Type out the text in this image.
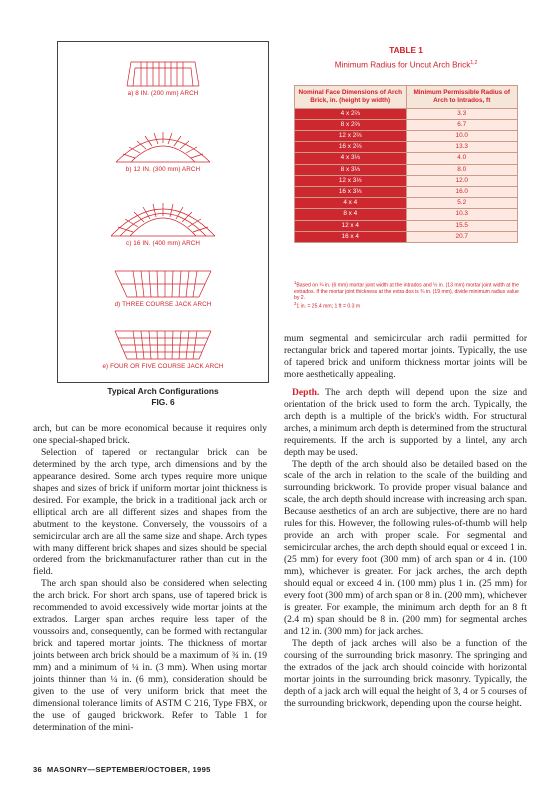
a) 8 IN. (200 mm) ARCH
b) 12 IN. (300 mm) ARCH
c) 16 IN. (400 mm) ARCH
d) THREE COURSE JACK ARCH
e) FOUR OR FIVE COURSE JACK ARCH
Typical Arch Configurations
FIG. 6
TABLE 1
Minimum Radius for Uncut Arch Brick$^{1,2}$
Nominal Face Dimensions of Arch Brick, in. (height by width)	Minimum Permissible Radius of Arch to Intrados, ft
4 x 2⅔	3.3
8 x 2⅔	6.7
12 x 2⅔	10.0
16 x 2⅔	13.3
4 x 3⅓	4.0
8 x 3⅓	8.0
12 x 3⅓	12.0
16 x 3⅓	16.0
4 x 4	5.2
8 x 4	10.3
12 x 4	15.5
16 x 4	20.7

$^1$Based on ¼ in. (6 mm) mortar joint width at the intrados and ½ in. (13 mm) mortar joint width at the extrados. If the mortar joint thickness at the extra dos is ¾ in. (19 mm), divide minimum radius value by 2.

$^2$1 in. = 25.4 mm; 1 ft = 0.3 m

arch, but can be more economical because it requires only one special-shaped brick.

Selection of tapered or rectangular brick can be determined by the arch type, arch dimensions and by the appearance desired. Some arch types require more unique shapes and sizes of brick if uniform mortar joint thickness is desired. For example, the brick in a traditional jack arch or elliptical arch are all different sizes and shapes from the abutment to the keystone. Conversely, the voussoirs of a semicircular arch are all the same size and shape. Arch types with many different brick shapes and sizes should be special ordered from the brickmanufacturer rather than cut in the field.

The arch span should also be considered when selecting the arch brick. For short arch spans, use of tapered brick is recommended to avoid excessively wide mortar joints at the extrados. Larger span arches require less taper of the voussoirs and, consequently, can be formed with rectangular brick and tapered mortar joints. The thickness of mortar joints between arch brick should be a maximum of ¾ in. (19 mm) and a minimum of ¼ in. (3 mm). When using mortar joints thinner than ¼ in. (6 mm), consideration should be given to the use of very uniform brick that meet the dimensional tolerance limits of ASTM C 216, Type FBX, or the use of gauged brickwork. Refer to Table 1 for determination of the mini-

mum segmental and semicircular arch radii permitted for rectangular brick and tapered mortar joints. Typically, the use of tapered brick and uniform thickness mortar joints will be more aesthetically appealing.

Depth. The arch depth will depend upon the size and orientation of the brick used to form the arch. Typically, the arch depth is a multiple of the brick's width. For structural arches, a minimum arch depth is determined from the structural requirements. If the arch is supported by a lintel, any arch depth may be used.

The depth of the arch should also be detailed based on the scale of the arch in relation to the scale of the building and surrounding brickwork. To provide proper visual balance and scale, the arch depth should increase with increasing arch span. Because aesthetics of an arch are subjective, there are no hard rules for this. However, the following rules-of-thumb will help provide an arch with proper scale. For segmental and semicircular arches, the arch depth should equal or exceed 1 in. (25 mm) for every foot (300 mm) of arch span or 4 in. (100 mm), whichever is greater. For jack arches, the arch depth should equal or exceed 4 in. (100 mm) plus 1 in. (25 mm) for every foot (300 mm) of arch span or 8 in. (200 mm), whichever is greater. For example, the minimum arch depth for an 8 ft (2.4 m) span should be 8 in. (200 mm) for segmental arches and 12 in. (300 mm) for jack arches.

The depth of jack arches will also be a function of the coursing of the surrounding brick masonry. The springing and the extrados of the jack arch should coincide with horizontal mortar joints in the surrounding brick masonry. Typically, the depth of a jack arch will equal the height of 3, 4 or 5 courses of the surrounding brickwork, depending upon the course height.

36 MASONRY—SEPTEMBER/OCTOBER, 1995
